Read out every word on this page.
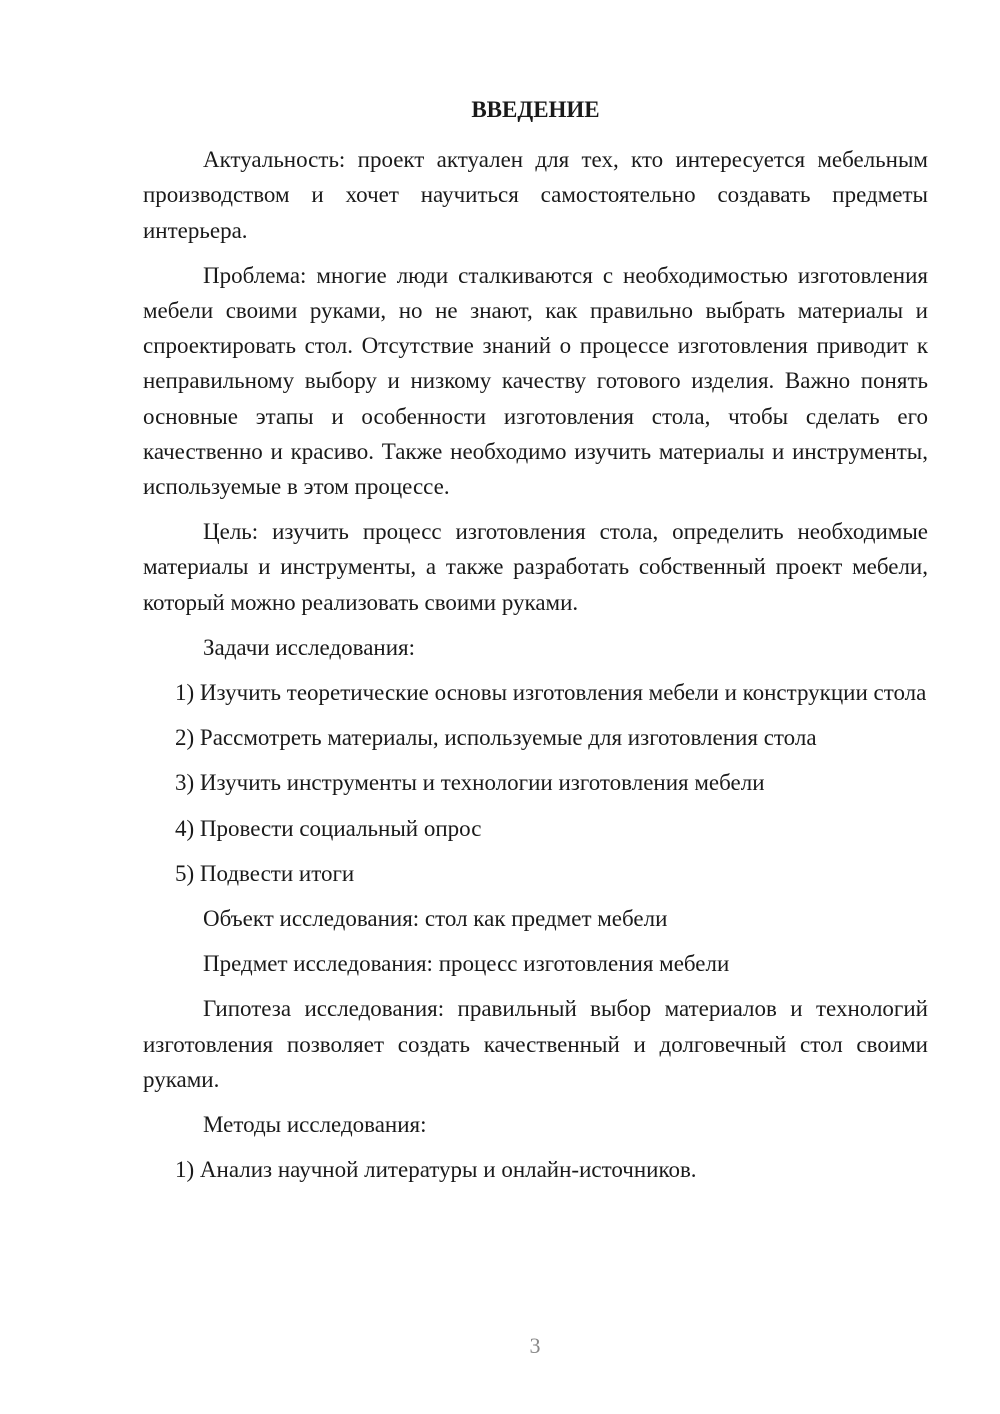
ВВЕДЕНИЕ

Актуальность: проект актуален для тех, кто интересуется мебельным производством и хочет научиться самостоятельно создавать предметы интерьера.

Проблема: многие люди сталкиваются с необходимостью изготовления мебели своими руками, но не знают, как правильно выбрать материалы и спроектировать стол. Отсутствие знаний о процессе изготовления приводит к неправильному выбору и низкому качеству готового изделия. Важно понять основные этапы и особенности изготовления стола, чтобы сделать его качественно и красиво. Также необходимо изучить материалы и инструменты, используемые в этом процессе.

Цель: изучить процесс изготовления стола, определить необходимые материалы и инструменты, а также разработать собственный проект мебели, который можно реализовать своими руками.

Задачи исследования:

1) Изучить теоретические основы изготовления мебели и конструкции стола

2) Рассмотреть материалы, используемые для изготовления стола

3) Изучить инструменты и технологии изготовления мебели

4) Провести социальный опрос

5) Подвести итоги

Объект исследования: стол как предмет мебели

Предмет исследования: процесс изготовления мебели

Гипотеза исследования: правильный выбор материалов и технологий изготовления позволяет создать качественный и долговечный стол своими руками.

Методы исследования:

1) Анализ научной литературы и онлайн-источников.

3
